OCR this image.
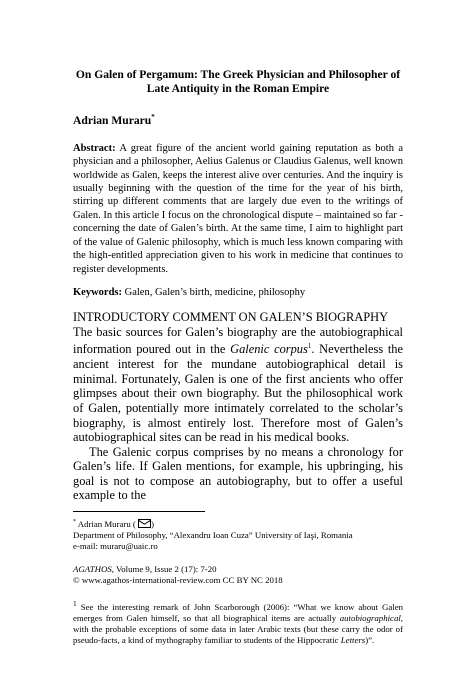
On Galen of Pergamum: The Greek Physician and Philosopher of Late Antiquity in the Roman Empire
Adrian Muraru*

Abstract: A great figure of the ancient world gaining reputation as both a physician and a philosopher, Aelius Galenus or Claudius Galenus, well known worldwide as Galen, keeps the interest alive over centuries. And the inquiry is usually beginning with the question of the time for the year of his birth, stirring up different comments that are largely due even to the writings of Galen. In this article I focus on the chronological dispute – maintained so far - concerning the date of Galen’s birth. At the same time, I aim to highlight part of the value of Galenic philosophy, which is much less known comparing with the high-entitled appreciation given to his work in medicine that continues to register developments.

Keywords: Galen, Galen’s birth, medicine, philosophy
INTRODUCTORY COMMENT ON GALEN’S BIOGRAPHY

The basic sources for Galen’s biography are the autobiographical information poured out in the Galenic corpus$^1$. Nevertheless the ancient interest for the mundane autobiographical detail is minimal. Fortunately, Galen is one of the first ancients who offer glimpses about their own biography. But the philosophical work of Galen, potentially more intimately correlated to the scholar’s biography, is almost entirely lost. Therefore most of Galen’s autobiographical sites can be read in his medical books.

The Galenic corpus comprises by no means a chronology for Galen’s life. If Galen mentions, for example, his upbringing, his goal is not to compose an autobiography, but to offer a useful example to the

* Adrian Muraru ( )
Department of Philosophy, “Alexandru Ioan Cuza” University of Iaşi, Romania
e-mail: muraru@uaic.ro
AGATHOS, Volume 9, Issue 2 (17): 7-20
© www.agathos-international-review.com CC BY NC 2018
$^1$ See the interesting remark of John Scarborough (2006): “What we know about Galen emerges from Galen himself, so that all biographical items are actually autobiographical, with the probable exceptions of some data in later Arabic texts (but these carry the odor of pseudo-facts, a kind of mythography familiar to students of the Hippocratic Letters)”.
